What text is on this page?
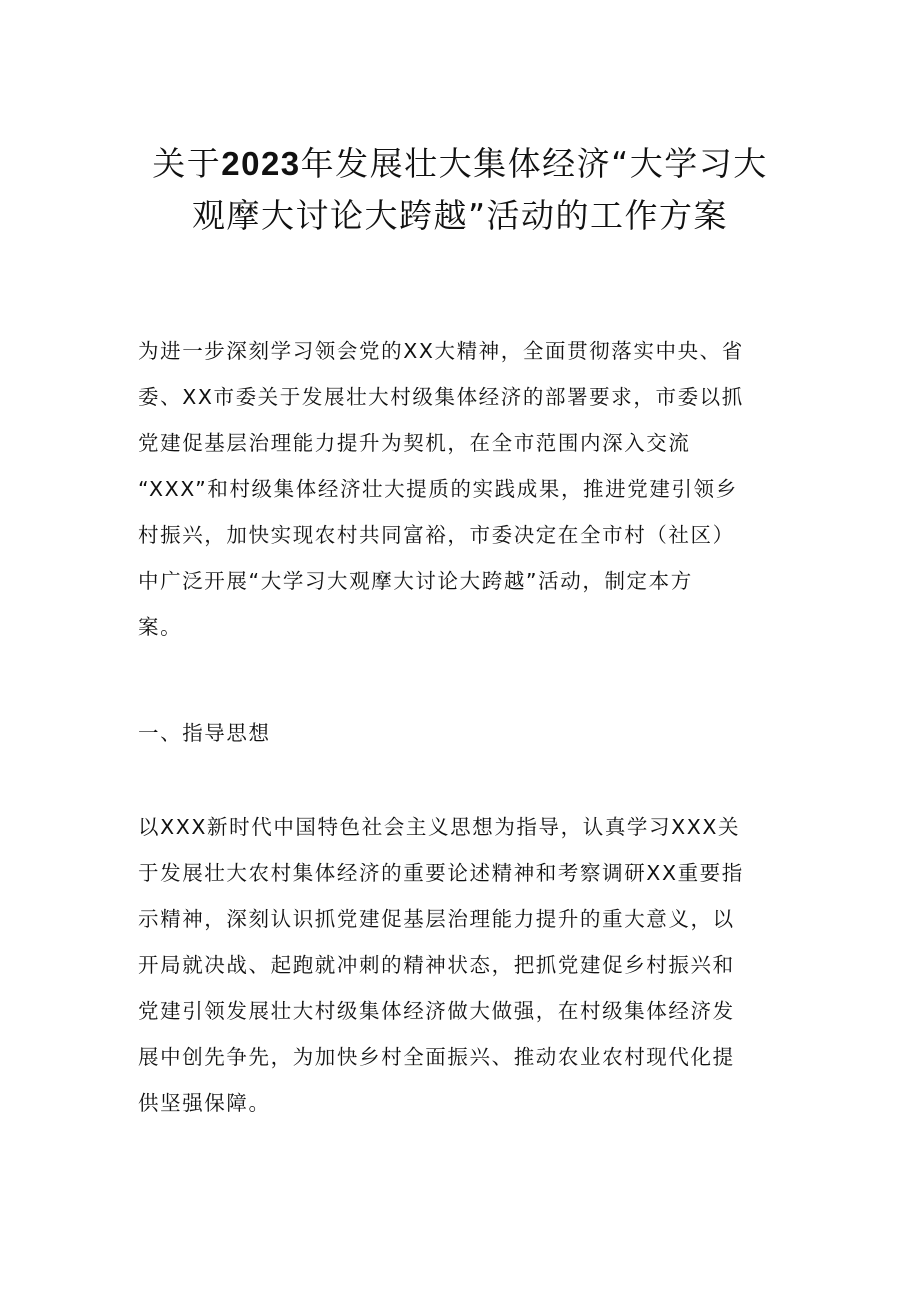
关于2023年发展壮大集体经济“大学习大
观摩大讨论大跨越”活动的工作方案
为进一步深刻学习领会党的XX大精神，全面贯彻落实中央、省
委、XX市委关于发展壮大村级集体经济的部署要求，市委以抓
党建促基层治理能力提升为契机，在全市范围内深入交流
“XXX”和村级集体经济壮大提质的实践成果，推进党建引领乡
村振兴，加快实现农村共同富裕，市委决定在全市村（社区）
中广泛开展“大学习大观摩大讨论大跨越”活动，制定本方
案。
一、指导思想
以XXX新时代中国特色社会主义思想为指导，认真学习XXX关
于发展壮大农村集体经济的重要论述精神和考察调研XX重要指
示精神，深刻认识抓党建促基层治理能力提升的重大意义，以
开局就决战、起跑就冲刺的精神状态，把抓党建促乡村振兴和
党建引领发展壮大村级集体经济做大做强，在村级集体经济发
展中创先争先，为加快乡村全面振兴、推动农业农村现代化提
供坚强保障。
